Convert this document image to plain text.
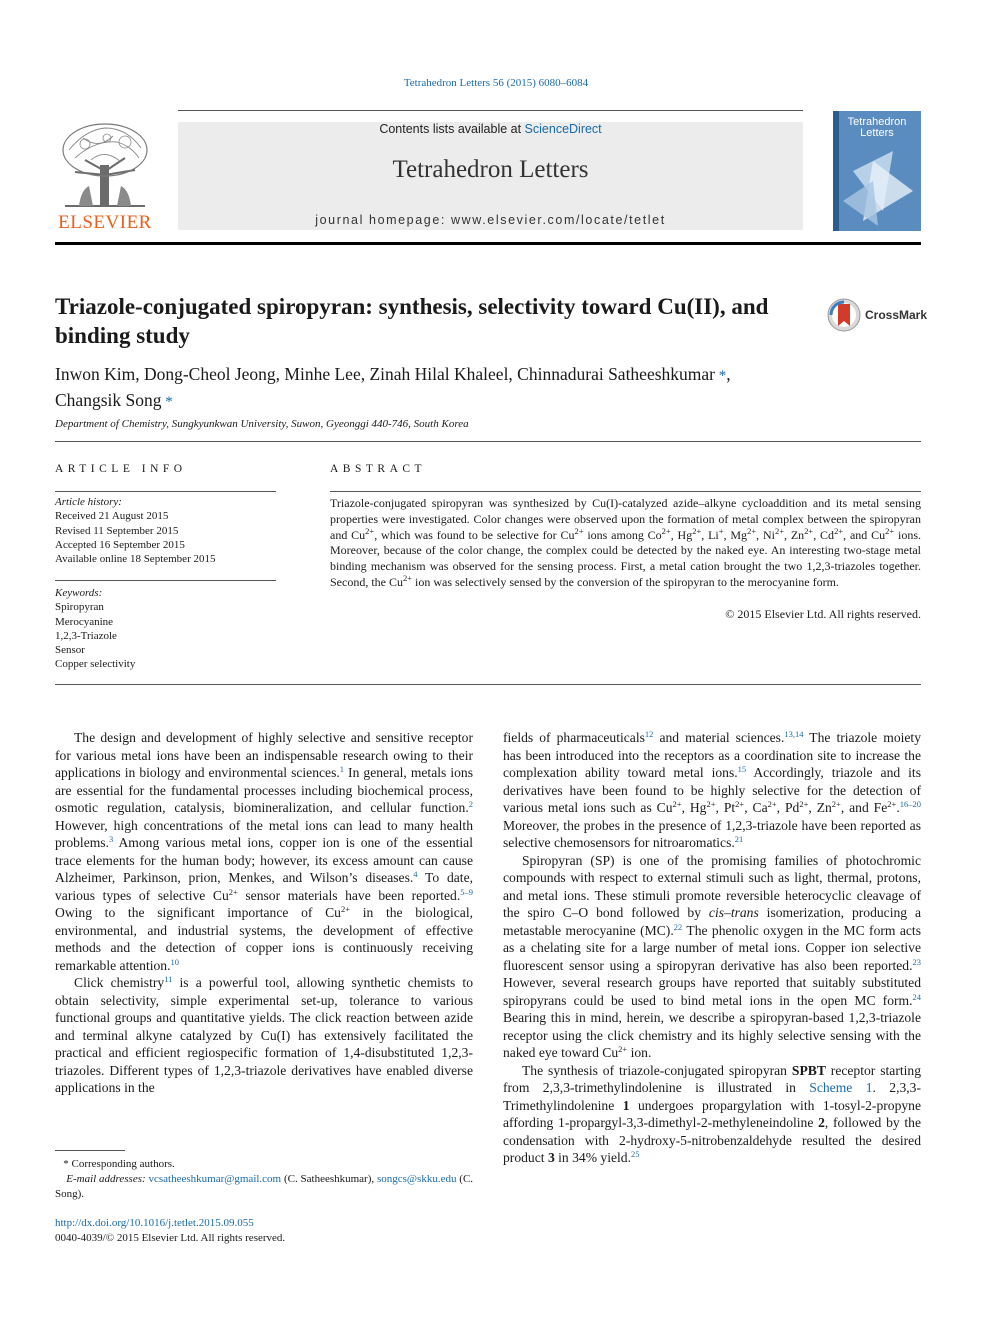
Tetrahedron Letters 56 (2015) 6080–6084
ELSEVIER
Contents lists available at ScienceDirect
Tetrahedron Letters
journal homepage: www.elsevier.com/locate/tetlet
Tetrahedron
Letters
Triazole-conjugated spiropyran: synthesis, selectivity toward Cu(II), and binding study
CrossMark
Inwon Kim, Dong-Cheol Jeong, Minhe Lee, Zinah Hilal Khaleel, Chinnadurai Satheeshkumar *,
Changsik Song *
Department of Chemistry, Sungkyunkwan University, Suwon, Gyeonggi 440-746, South Korea
ARTICLE INFO	ABSTRACT
Article history:
Received 21 August 2015
Revised 11 September 2015
Accepted 16 September 2015
Available online 18 September 2015
Keywords:
Spiropyran
Merocyanine
1,2,3-Triazole
Sensor
Copper selectivity
Triazole-conjugated spiropyran was synthesized by Cu(I)-catalyzed azide–alkyne cycloaddition and its metal sensing properties were investigated. Color changes were observed upon the formation of metal complex between the spiropyran and $Cu^{2+}$, which was found to be selective for $Cu^{2+}$ ions among $Co^{2+}$, $Hg^{2+}$, Li+, $Mg^{2+}$, $Ni^{2+}$, $Zn^{2+}$, $Cd^{2+}$, and $Cu^{2+}$ ions. Moreover, because of the color change, the complex could be detected by the naked eye. An interesting two-stage metal binding mechanism was observed for the sensing process. First, a metal cation brought the two 1,2,3-triazoles together. Second, the $Cu^{2+}$ ion was selectively sensed by the conversion of the spiropyran to the merocyanine form.
© 2015 Elsevier Ltd. All rights reserved.

The design and development of highly selective and sensitive receptor for various metal ions have been an indispensable research owing to their applications in biology and environmental sciences.$^1$ In general, metals ions are essential for the fundamental processes including biochemical process, osmotic regulation, catalysis, biomineralization, and cellular function.$^2$ However, high concentrations of the metal ions can lead to many health problems.$^3$ Among various metal ions, copper ion is one of the essential trace elements for the human body; however, its excess amount can cause Alzheimer, Parkinson, prion, Menkes, and Wilson’s diseases.$^4$ To date, various types of selective $Cu^{2+}$ sensor materials have been reported.$^{5-9}$ Owing to the significant importance of $Cu^{2+}$ in the biological, environmental, and industrial systems, the development of effective methods and the detection of copper ions is continuously receiving remarkable attention.$^{10}$

Click chemistry$^{11}$ is a powerful tool, allowing synthetic chemists to obtain selectivity, simple experimental set-up, tolerance to various functional groups and quantitative yields. The click reaction between azide and terminal alkyne catalyzed by Cu(I) has extensively facilitated the practical and efficient regiospecific formation of 1,4-disubstituted 1,2,3-triazoles. Different types of 1,2,3-triazole derivatives have enabled diverse applications in the

* Corresponding authors.
E-mail addresses: vcsatheeshkumar@gmail.com (C. Satheeshkumar), songcs@skku.edu (C. Song).
http://dx.doi.org/10.1016/j.tetlet.2015.09.055
0040-4039/© 2015 Elsevier Ltd. All rights reserved.

fields of pharmaceuticals$^{12}$ and material sciences.$^{13,14}$ The triazole moiety has been introduced into the receptors as a coordination site to increase the complexation ability toward metal ions.$^{15}$ Accordingly, triazole and its derivatives have been found to be highly selective for the detection of various metal ions such as $Cu^{2+}$, $Hg^{2+}$, $Pt^{2+}$, $Ca^{2+}$, $Pd^{2+}$, $Zn^{2+}$, and $Fe^{2+}.^{16-20}$ Moreover, the probes in the presence of 1,2,3-triazole have been reported as selective chemosensors for nitroaromatics.$^{21}$

Spiropyran (SP) is one of the promising families of photochromic compounds with respect to external stimuli such as light, thermal, protons, and metal ions. These stimuli promote reversible heterocyclic cleavage of the spiro C–O bond followed by cis–trans isomerization, producing a metastable merocyanine (MC).$^{22}$ The phenolic oxygen in the MC form acts as a chelating site for a large number of metal ions. Copper ion selective fluorescent sensor using a spiropyran derivative has also been reported.$^{23}$ However, several research groups have reported that suitably substituted spiropyrans could be used to bind metal ions in the open MC form.$^{24}$ Bearing this in mind, herein, we describe a spiropyran-based 1,2,3-triazole receptor using the click chemistry and its highly selective sensing with the naked eye toward $Cu^{2+}$ ion.

The synthesis of triazole-conjugated spiropyran SPBT receptor starting from 2,3,3-trimethylindolenine is illustrated in Scheme 1. 2,3,3-Trimethylindolenine 1 undergoes propargylation with 1-tosyl-2-propyne affording 1-propargyl-3,3-dimethyl-2-methyleneindoline 2, followed by the condensation with 2-hydroxy-5-nitrobenzaldehyde resulted the desired product 3 in 34% yield.$^{25}$
